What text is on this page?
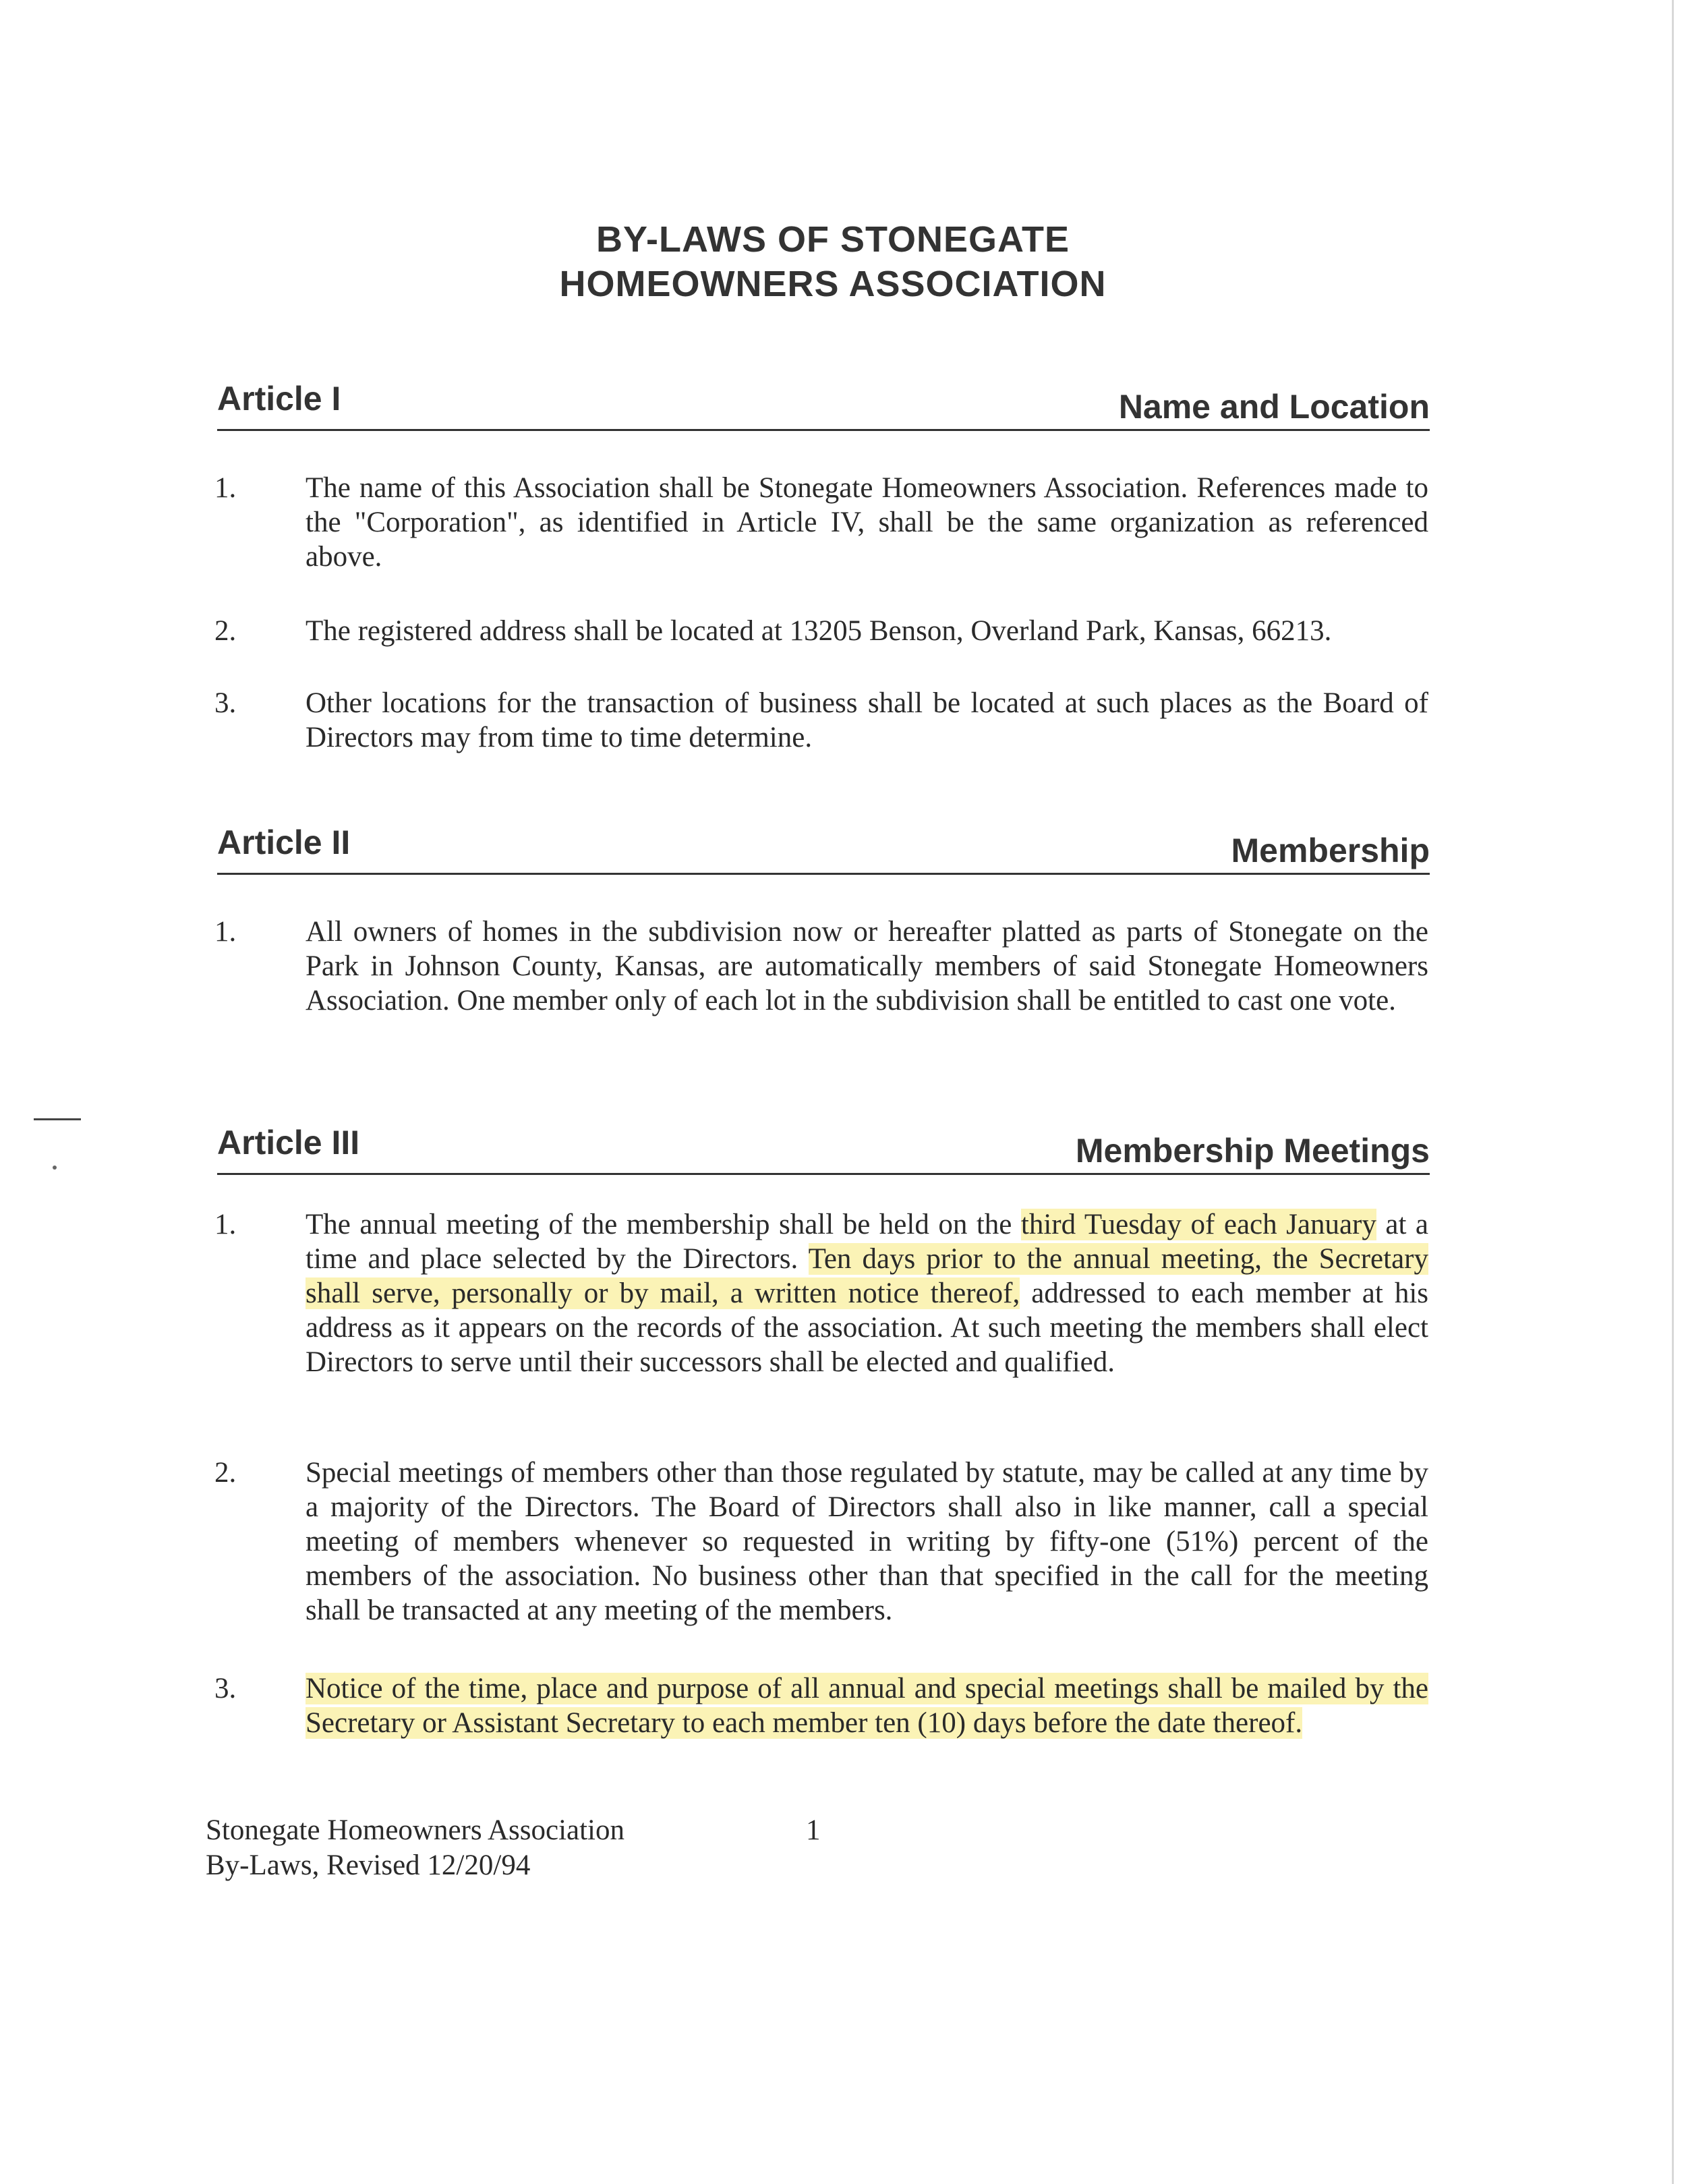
BY-LAWS OF STONEGATE
HOMEOWNERS ASSOCIATION
Article I	Name and Location
1.	The name of this Association shall be Stonegate Homeowners Association. References made to the "Corporation", as identified in Article IV, shall be the same organization as referenced above.
2.	The registered address shall be located at 13205 Benson, Overland Park, Kansas, 66213.
3.	Other locations for the transaction of business shall be located at such places as the Board of Directors may from time to time determine.
Article II	Membership
1.	All owners of homes in the subdivision now or hereafter platted as parts of Stonegate on the Park in Johnson County, Kansas, are automatically members of said Stonegate Homeowners Association. One member only of each lot in the subdivision shall be entitled to cast one vote.
Article III	Membership Meetings
1.	The annual meeting of the membership shall be held on the third Tuesday of each January at a time and place selected by the Directors. Ten days prior to the annual meeting, the Secretary shall serve, personally or by mail, a written notice thereof, addressed to each member at his address as it appears on the records of the association. At such meeting the members shall elect Directors to serve until their successors shall be elected and qualified.
2.	Special meetings of members other than those regulated by statute, may be called at any time by a majority of the Directors. The Board of Directors shall also in like manner, call a special meeting of members whenever so requested in writing by fifty-one (51%) percent of the members of the association. No business other than that specified in the call for the meeting shall be transacted at any meeting of the members.
3.	Notice of the time, place and purpose of all annual and special meetings shall be mailed by the Secretary or Assistant Secretary to each member ten (10) days before the date thereof.
Stonegate Homeowners Association
By-Laws, Revised 12/20/94
1
